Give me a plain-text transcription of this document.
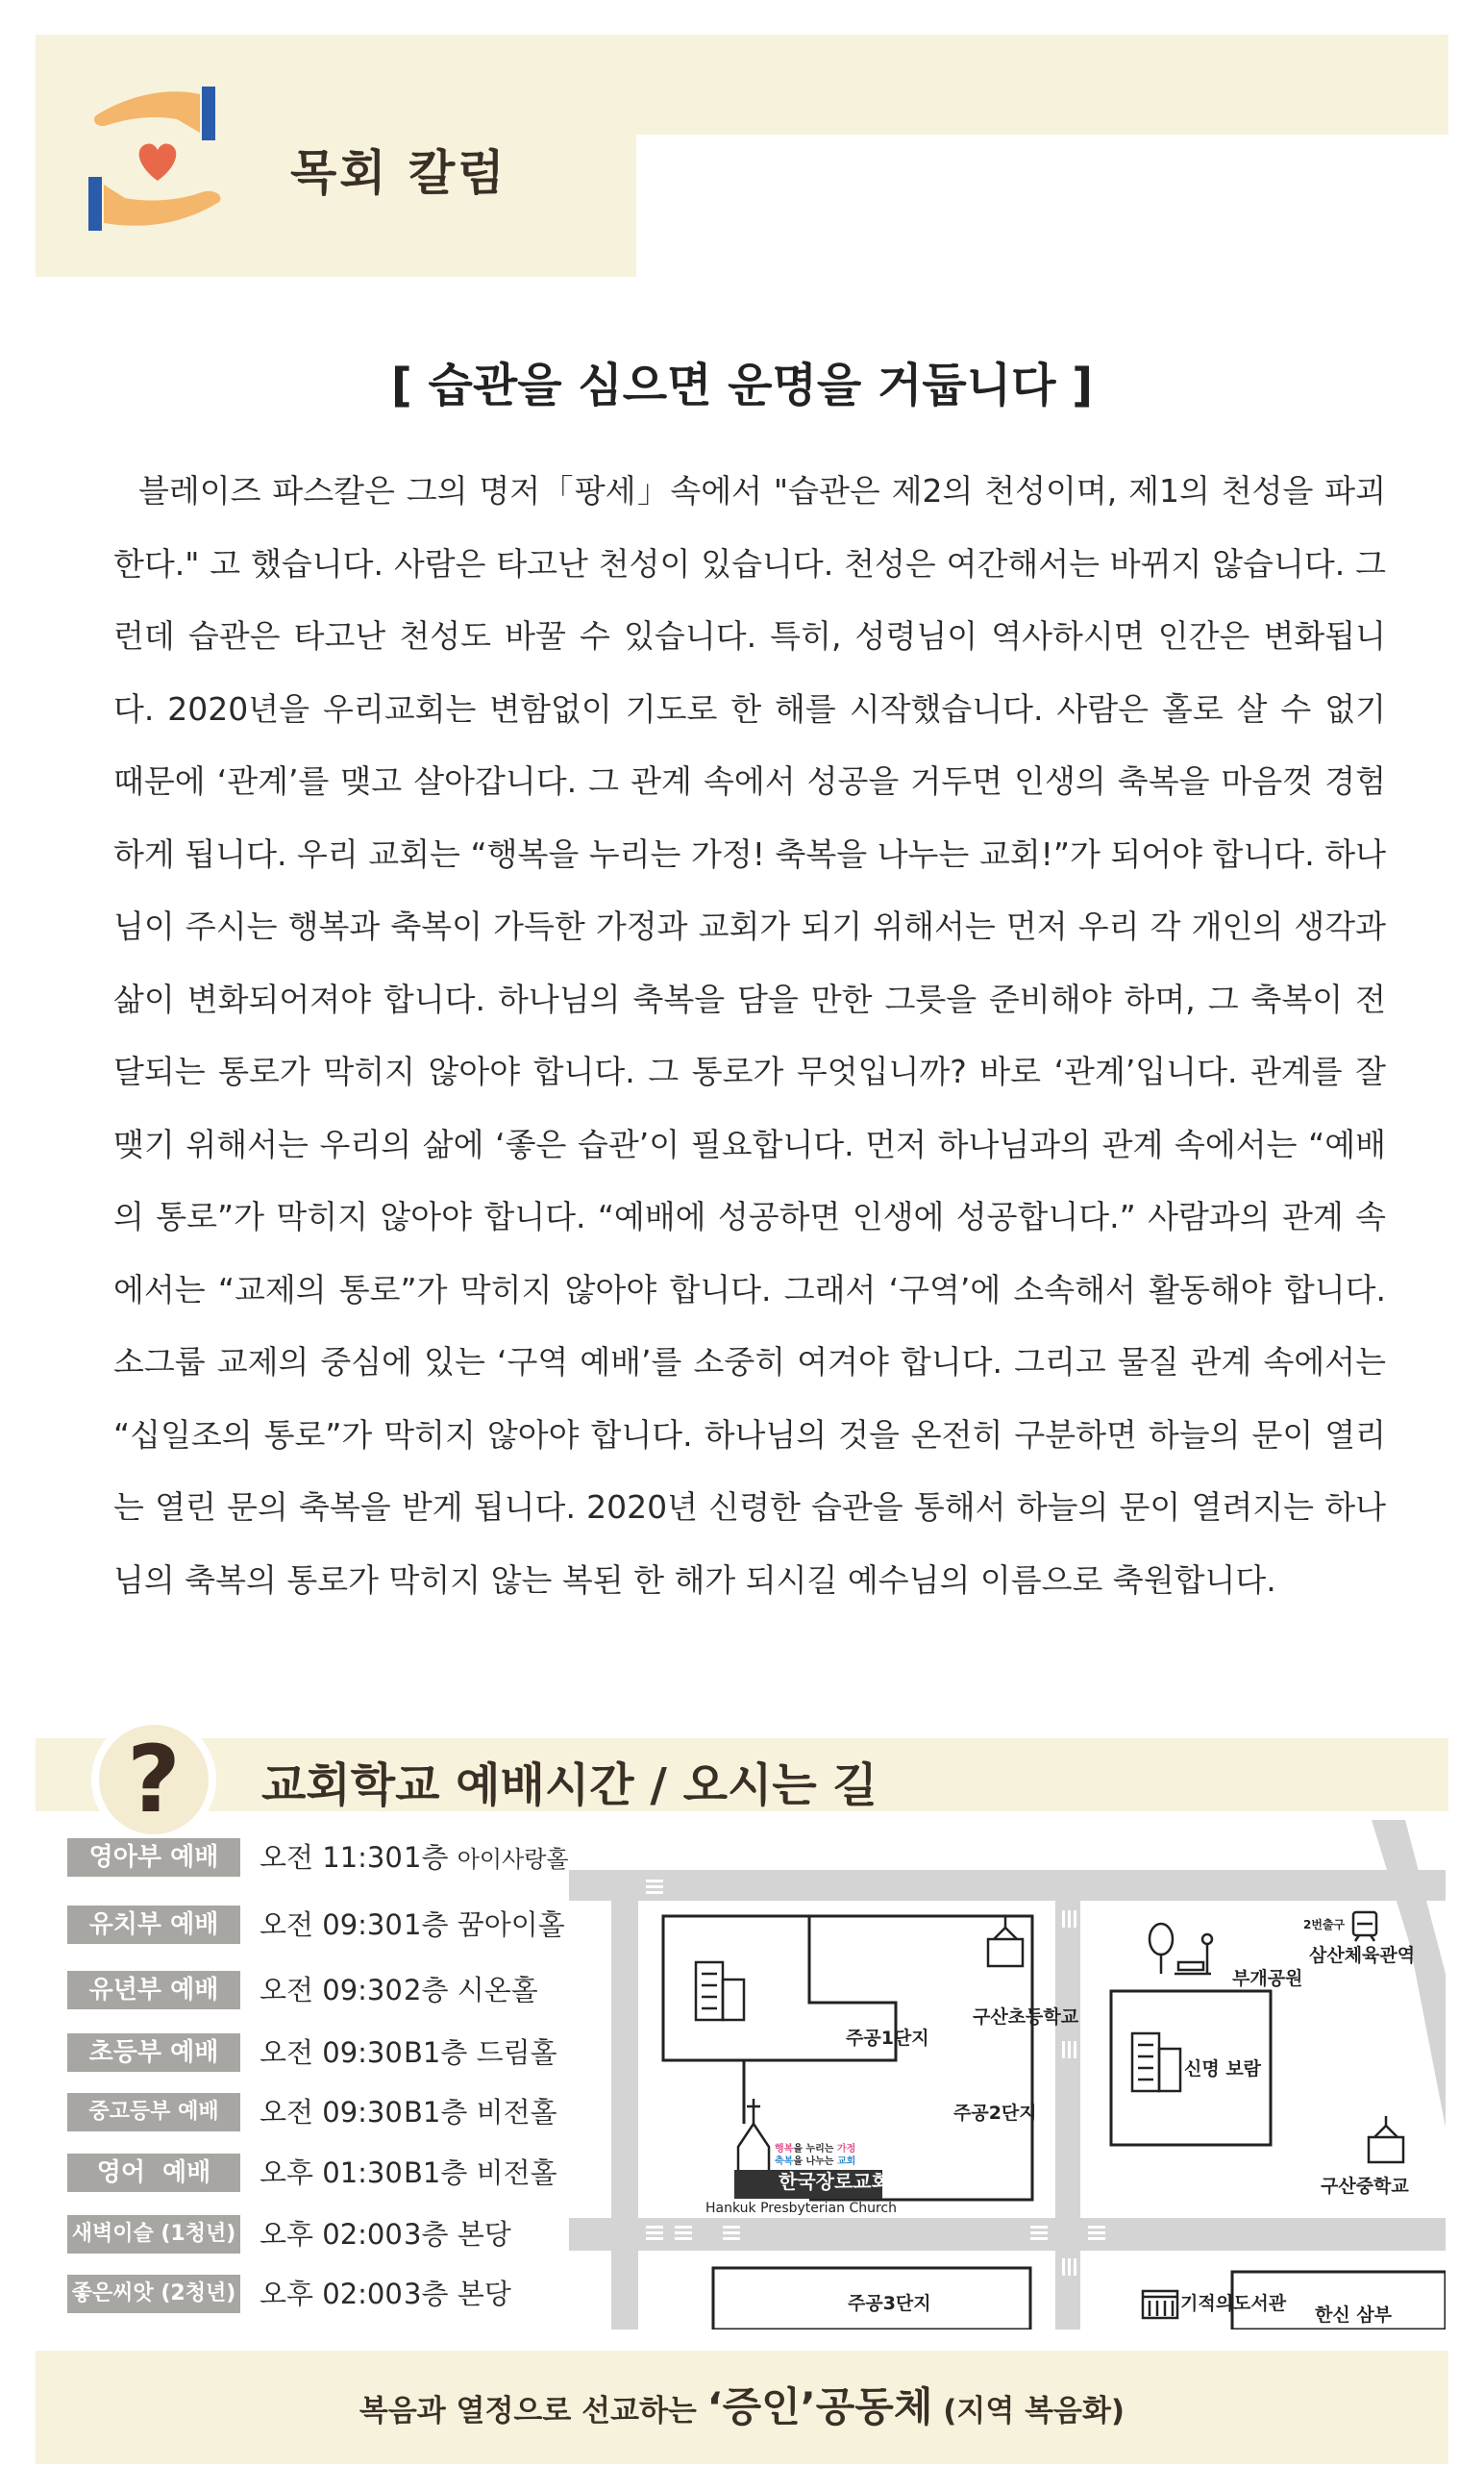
목회 칼럼
[ 습관을 심으면 운명을 거둡니다 ]

블레이즈 파스칼은 그의 명저「팡세」속에서 "습관은 제2의 천성이며, 제1의 천성을 파괴한다." 고 했습니다. 사람은 타고난 천성이 있습니다. 천성은 여간해서는 바뀌지 않습니다. 그런데 습관은 타고난 천성도 바꿀 수 있습니다. 특히, 성령님이 역사하시면 인간은 변화됩니다. 2020년을 우리교회는 변함없이 기도로 한 해를 시작했습니다. 사람은 홀로 살 수 없기 때문에 ‘관계’를 맺고 살아갑니다. 그 관계 속에서 성공을 거두면 인생의 축복을 마음껏 경험하게 됩니다. 우리 교회는 “행복을 누리는 가정! 축복을 나누는 교회!”가 되어야 합니다. 하나님이 주시는 행복과 축복이 가득한 가정과 교회가 되기 위해서는 먼저 우리 각 개인의 생각과 삶이 변화되어져야 합니다. 하나님의 축복을 담을 만한 그릇을 준비해야 하며, 그 축복이 전달되는 통로가 막히지 않아야 합니다. 그 통로가 무엇입니까? 바로 ‘관계’입니다. 관계를 잘 맺기 위해서는 우리의 삶에 ‘좋은 습관’이 필요합니다. 먼저 하나님과의 관계 속에서는 “예배의 통로”가 막히지 않아야 합니다. “예배에 성공하면 인생에 성공합니다.” 사람과의 관계 속에서는 “교제의 통로”가 막히지 않아야 합니다. 그래서 ‘구역’에 소속해서 활동해야 합니다. 소그룹 교제의 중심에 있는 ‘구역 예배’를 소중히 여겨야 합니다. 그리고 물질 관계 속에서는 “십일조의 통로”가 막히지 않아야 합니다. 하나님의 것을 온전히 구분하면 하늘의 문이 열리는 열린 문의 축복을 받게 됩니다. 2020년 신령한 습관을 통해서 하늘의 문이 열려지는 하나님의 축복의 통로가 막히지 않는 복된 한 해가 되시길 예수님의 이름으로 축원합니다.

?	교회학교 예배시간 / 오시는 길
영아부 예배	오전 11:30 1층 아이사랑홀
유치부 예배	오전 09:30 1층 꿈아이홀
유년부 예배	오전 09:30 2층 시온홀
초등부 예배	오전 09:30 B1층 드림홀
중고등부 예배	오전 09:30 B1층 비전홀
영어  예배	오후 01:30 B1층 비전홀
새벽이슬 (1청년) 오후 02:00 3층 본당
좋은씨앗 (2청년) 오후 02:00 3층 본당
한국장로교회
행복을 누리는 가정
축복을 나누는 교회
Hankuk Presbyterian Church
주공1단지
구산초등학교
주공2단지
주공3단지
신명 보람
구산중학교
기적의도서관
한신 삼부
부개공원
2번출구
삼산체육관역
복음과 열정으로 선교하는 ‘증인’공동체 (지역 복음화)
